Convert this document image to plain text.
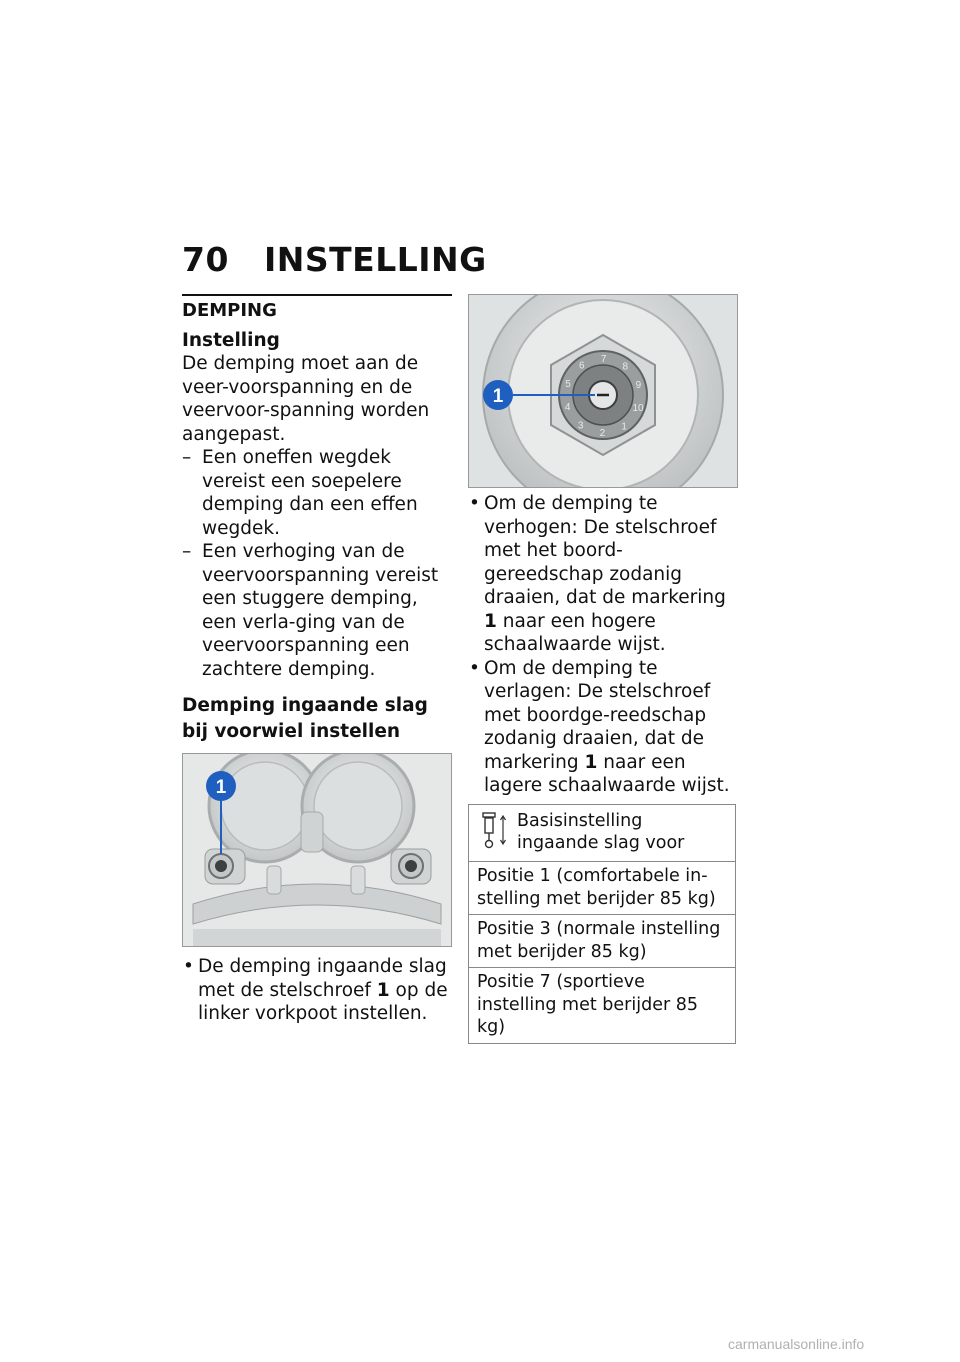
70 INSTELLING
DEMPING

Instelling

De demping moet aan de veer-voorspanning en de veervoor-spanning worden aangepast.

– Een oneffen wegdek vereist een soepelere demping dan een effen wegdek.
– Een verhoging van de veervoorspanning vereist een stuggere demping, een verla-ging van de veervoorspanning een zachtere demping.

Demping ingaande slag bij voorwiel instellen

1
• De demping ingaande slag met de stelschroef 1 op de linker vorkpoot instellen.
6
7
8
9
10
1
2
3
4
5
1
• Om de demping te verhogen: De stelschroef met het boord-gereedschap zodanig draaien, dat de markering 1 naar een hogere schaalwaarde wijst.
• Om de demping te verlagen: De stelschroef met boordge-reedschap zodanig draaien, dat de markering 1 naar een lagere schaalwaarde wijst.
Basisinstelling ingaande slag voor
Positie 1 (comfortabele in-stelling met berijder 85 kg)
Positie 3 (normale instelling met berijder 85 kg)
Positie 7 (sportieve instelling met berijder 85 kg)
carmanualsonline.info
